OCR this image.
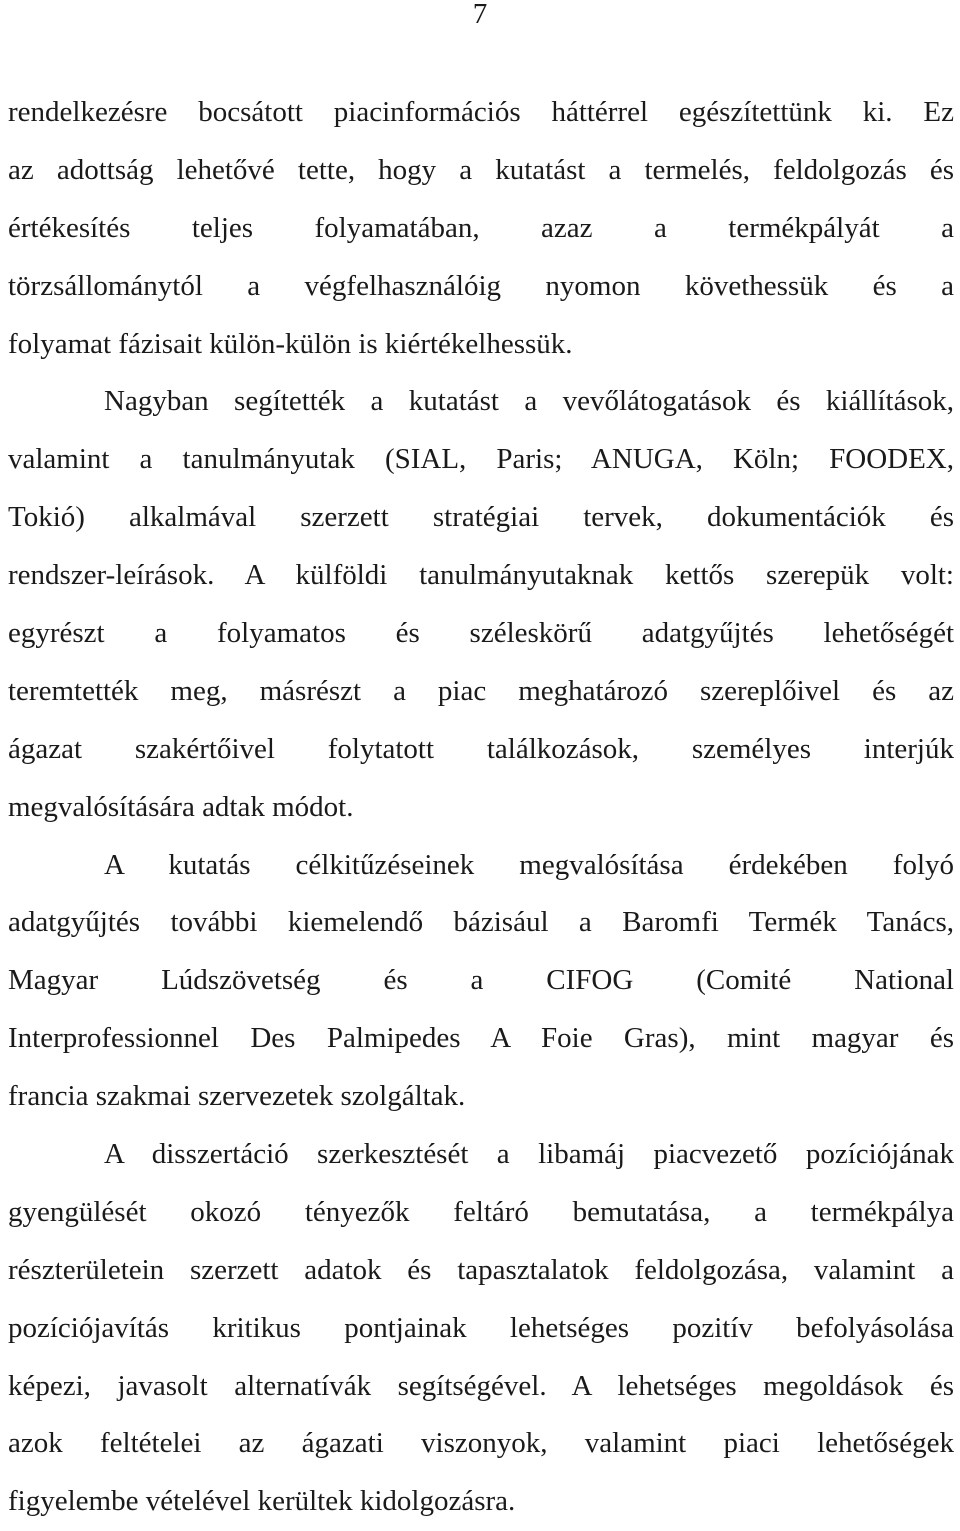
7
rendelkezésre bocsátott piacinformációs háttérrel egészítettünk ki. Ez
az adottság lehetővé tette, hogy a kutatást a termelés, feldolgozás és
értékesítés teljes folyamatában, azaz a termékpályát a
törzsállománytól a végfelhasználóig nyomon követhessük és a
folyamat fázisait külön-külön is kiértékelhessük.
Nagyban segítették a kutatást a vevőlátogatások és kiállítások,
valamint a tanulmányutak (SIAL, Paris; ANUGA, Köln; FOODEX,
Tokió) alkalmával szerzett stratégiai tervek, dokumentációk és
rendszer-leírások. A külföldi tanulmányutaknak kettős szerepük volt:
egyrészt a folyamatos és széleskörű adatgyűjtés lehetőségét
teremtették meg, másrészt a piac meghatározó szereplőivel és az
ágazat szakértőivel folytatott találkozások, személyes interjúk
megvalósítására adtak módot.
A kutatás célkitűzéseinek megvalósítása érdekében folyó
adatgyűjtés további kiemelendő bázisául a Baromfi Termék Tanács,
Magyar Lúdszövetség és a CIFOG (Comité National
Interprofessionnel Des Palmipedes A Foie Gras), mint magyar és
francia szakmai szervezetek szolgáltak.
A disszertáció szerkesztését a libamáj piacvezető pozíciójának
gyengülését okozó tényezők feltáró bemutatása, a termékpálya
részterületein szerzett adatok és tapasztalatok feldolgozása, valamint a
pozíciójavítás kritikus pontjainak lehetséges pozitív befolyásolása
képezi, javasolt alternatívák segítségével. A lehetséges megoldások és
azok feltételei az ágazati viszonyok, valamint piaci lehetőségek
figyelembe vételével kerültek kidolgozásra.
